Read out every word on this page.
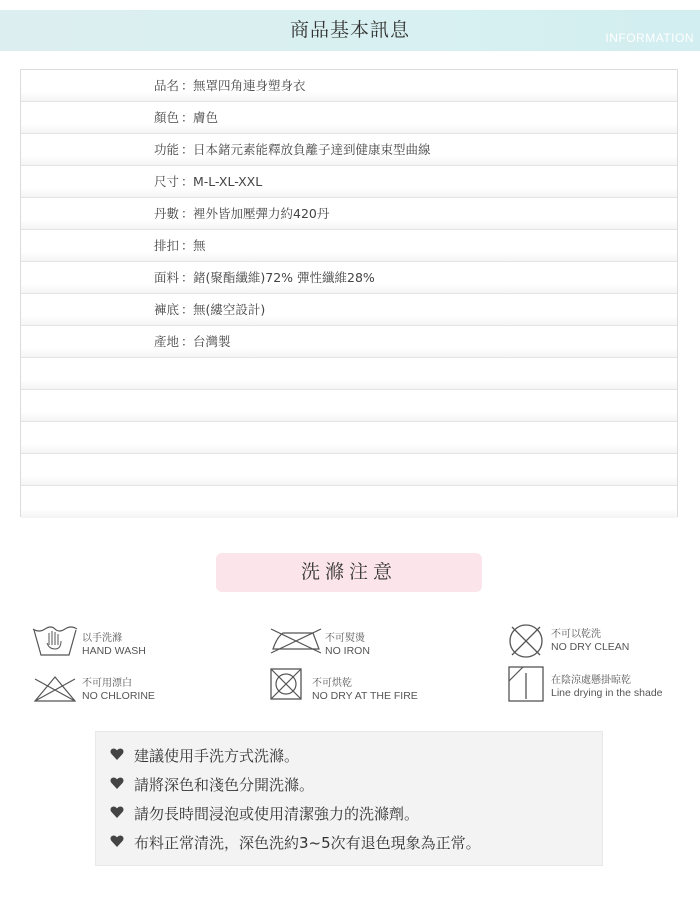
商品基本訊息	INFORMATION
品名 ： 無罩四角連身塑身衣
顏色 ： 膚色
功能 ： 日本鍺元素能釋放負離子達到健康束型曲線
尺寸 ： M-L-XL-XXL
丹數 ： 裡外皆加壓彈力約420丹
排扣 ： 無
面料 ： 鍺(聚酯纖維)72% 彈性纖維28%
褲底 ： 無(縷空設計)
產地 ： 台灣製
洗滌注意
以手洗滌
HAND WASH
不可熨燙
NO IRON
不可以乾洗
NO DRY CLEAN
不可用漂白
NO CHLORINE
不可烘乾
NO DRY AT THE FIRE
在陰涼處懸掛晾乾
Line drying in the shade
建議使用手洗方式洗滌。
請將深色和淺色分開洗滌。
請勿長時間浸泡或使用清潔強力的洗滌劑。
布料正常清洗，深色洗約3~5次有退色現象為正常。
